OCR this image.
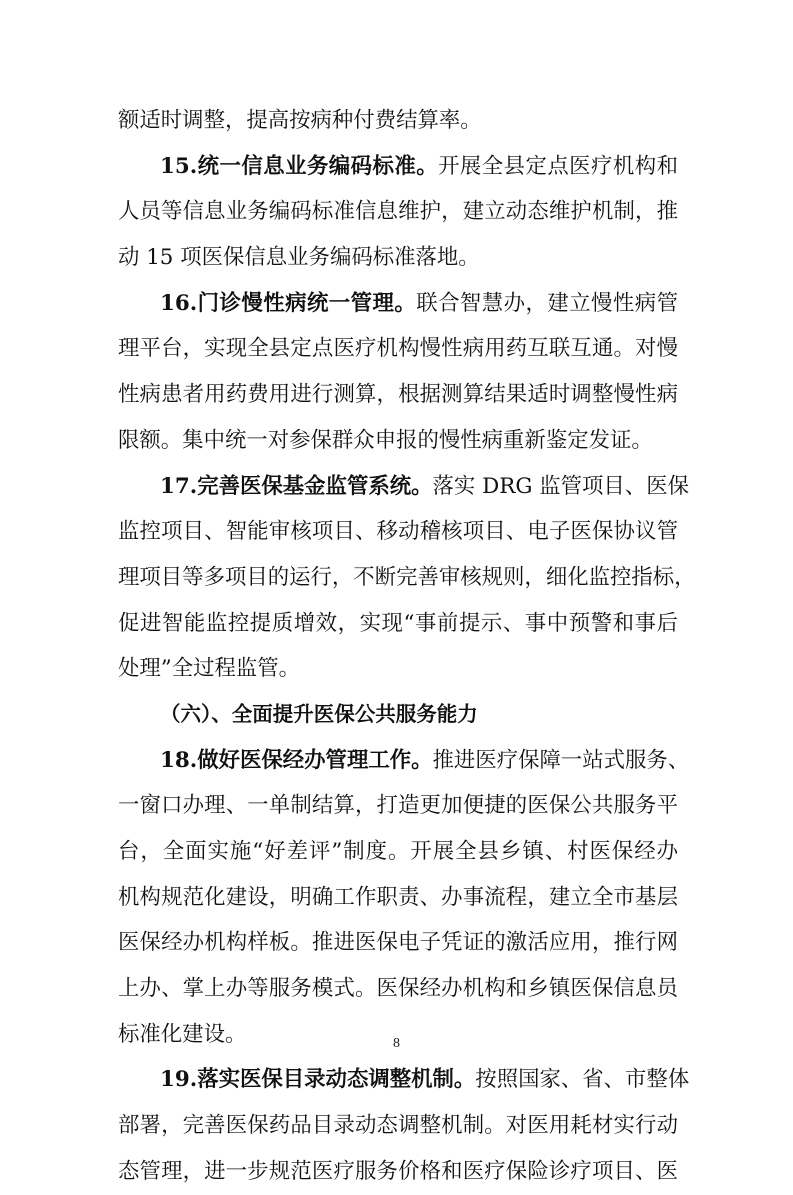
额适时调整，提高按病种付费结算率。
15.统一信息业务编码标准。开展全县定点医疗机构和
人员等信息业务编码标准信息维护，建立动态维护机制，推
动 15 项医保信息业务编码标准落地。
16.门诊慢性病统一管理。联合智慧办，建立慢性病管
理平台，实现全县定点医疗机构慢性病用药互联互通。对慢
性病患者用药费用进行测算，根据测算结果适时调整慢性病
限额。集中统一对参保群众申报的慢性病重新鉴定发证。
17.完善医保基金监管系统。落实 DRG 监管项目、医保
监控项目、智能审核项目、移动稽核项目、电子医保协议管
理项目等多项目的运行，不断完善审核规则，细化监控指标，
促进智能监控提质增效，实现“事前提示、事中预警和事后
处理”全过程监管。
（六）、全面提升医保公共服务能力
18.做好医保经办管理工作。推进医疗保障一站式服务、
一窗口办理、一单制结算，打造更加便捷的医保公共服务平
台，全面实施“好差评”制度。开展全县乡镇、村医保经办
机构规范化建设，明确工作职责、办事流程，建立全市基层
医保经办机构样板。推进医保电子凭证的激活应用，推行网
上办、掌上办等服务模式。医保经办机构和乡镇医保信息员
标准化建设。
19.落实医保目录动态调整机制。按照国家、省、市整体
部署，完善医保药品目录动态调整机制。对医用耗材实行动
态管理，进一步规范医疗服务价格和医疗保险诊疗项目、医
8
